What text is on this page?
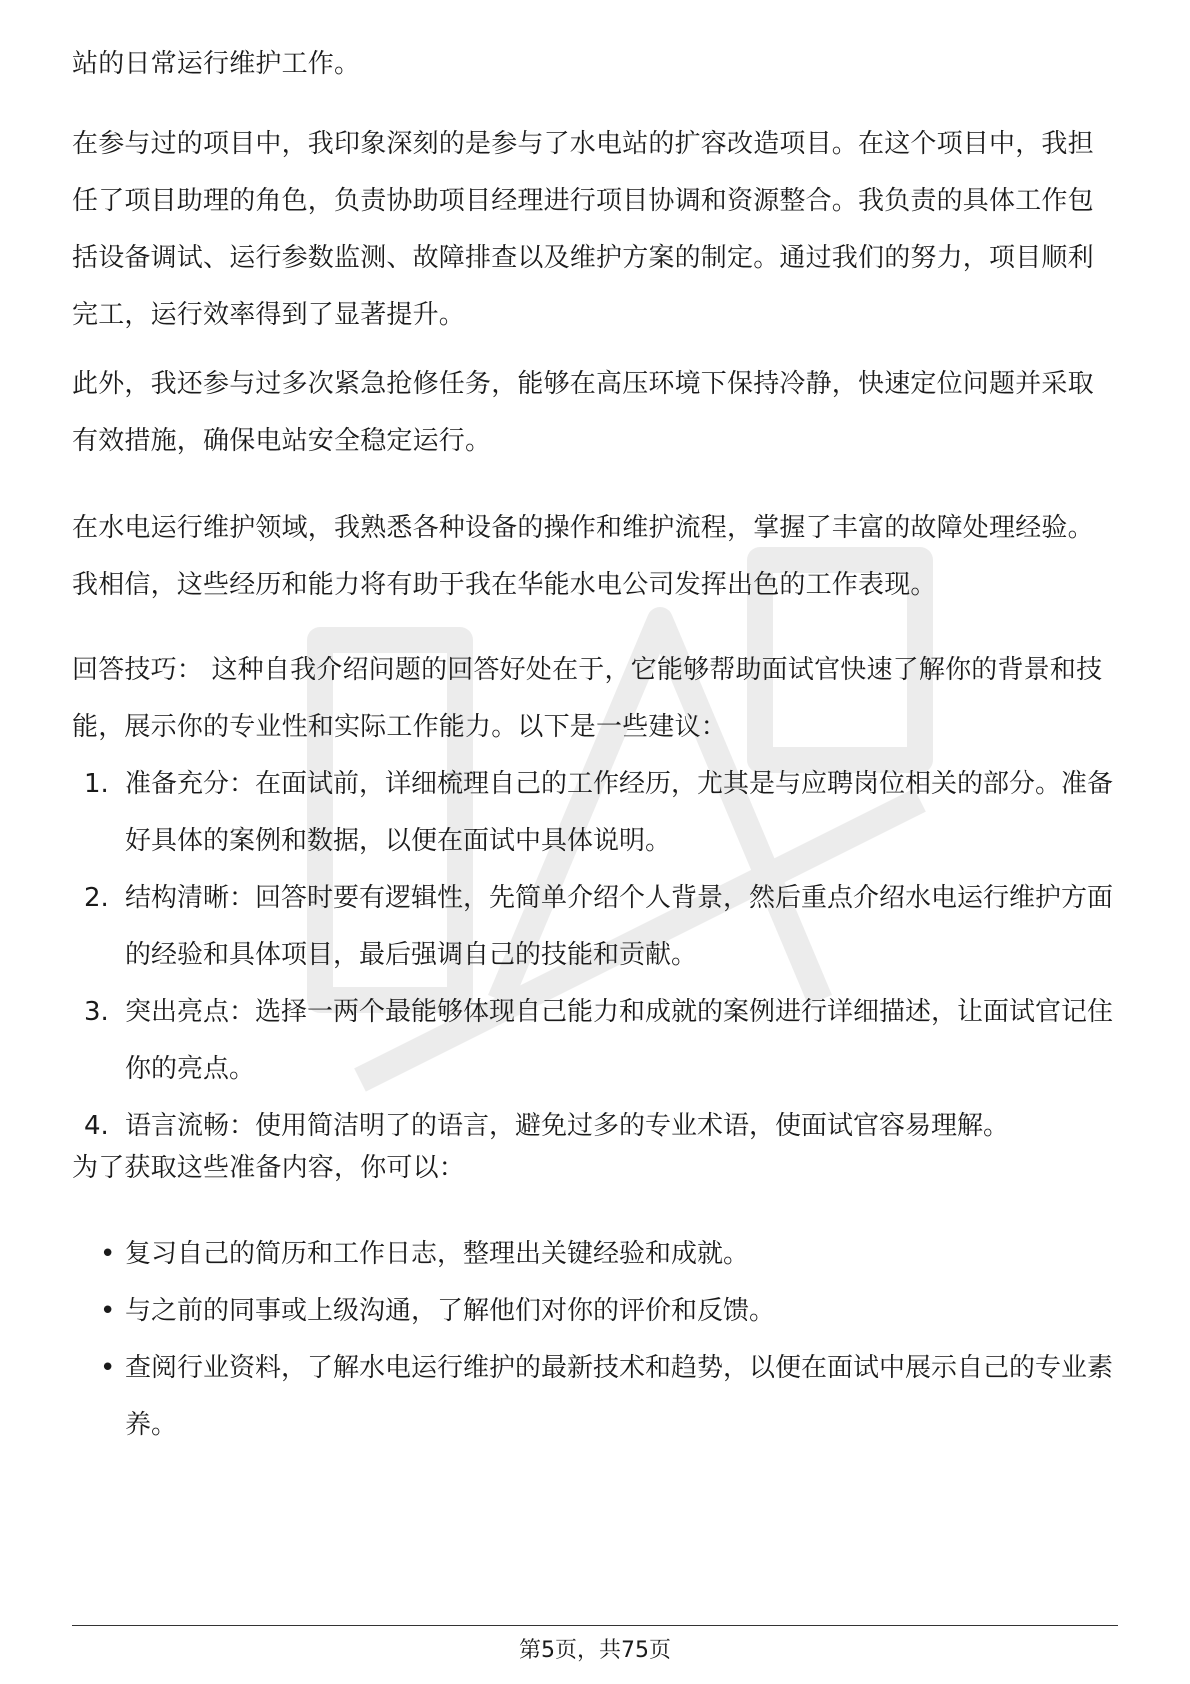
站的日常运行维护工作。
在参与过的项目中，我印象深刻的是参与了水电站的扩容改造项目。在这个项目中，我担任了项目助理的角色，负责协助项目经理进行项目协调和资源整合。我负责的具体工作包括设备调试、运行参数监测、故障排查以及维护方案的制定。通过我们的努力，项目顺利完工，运行效率得到了显著提升。
此外，我还参与过多次紧急抢修任务，能够在高压环境下保持冷静，快速定位问题并采取有效措施，确保电站安全稳定运行。
在水电运行维护领域，我熟悉各种设备的操作和维护流程，掌握了丰富的故障处理经验。我相信，这些经历和能力将有助于我在华能水电公司发挥出色的工作表现。
回答技巧： 这种自我介绍问题的回答好处在于，它能够帮助面试官快速了解你的背景和技能，展示你的专业性和实际工作能力。以下是一些建议：
1. 准备充分：在面试前，详细梳理自己的工作经历，尤其是与应聘岗位相关的部分。准备好具体的案例和数据，以便在面试中具体说明。
2. 结构清晰：回答时要有逻辑性，先简单介绍个人背景，然后重点介绍水电运行维护方面的经验和具体项目，最后强调自己的技能和贡献。
3. 突出亮点：选择一两个最能够体现自己能力和成就的案例进行详细描述，让面试官记住你的亮点。
4. 语言流畅：使用简洁明了的语言，避免过多的专业术语，使面试官容易理解。
为了获取这些准备内容，你可以：
• 复习自己的简历和工作日志，整理出关键经验和成就。
• 与之前的同事或上级沟通，了解他们对你的评价和反馈。
• 查阅行业资料，了解水电运行维护的最新技术和趋势，以便在面试中展示自己的专业素养。
第5页，共75页
